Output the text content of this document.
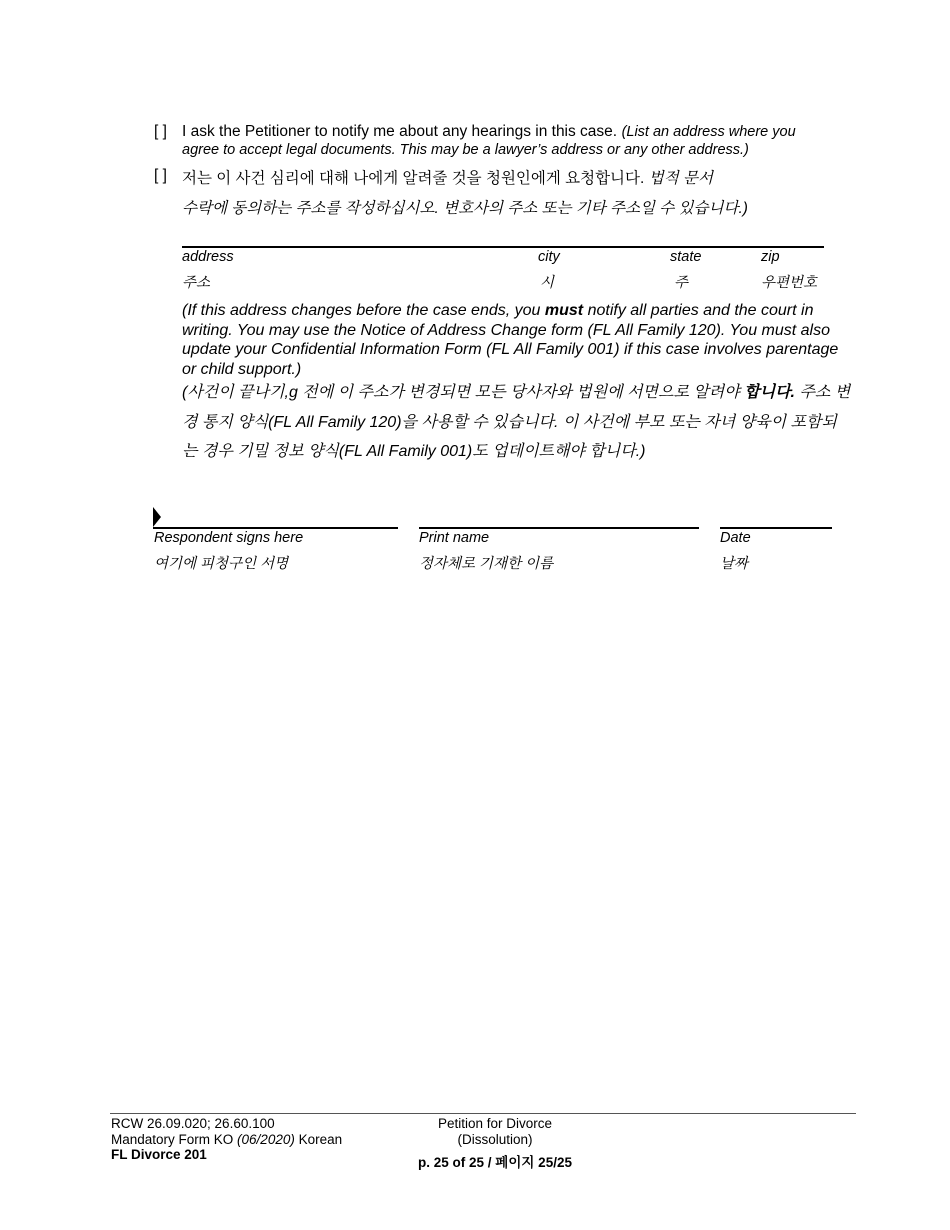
[ ] I ask the Petitioner to notify me about any hearings in this case. (List an address where you
agree to accept legal documents. This may be a lawyer’s address or any other address.)
[ ] 저는 이 사건 심리에 대해 나에게 알려줄 것을 청원인에게 요청합니다. 법적 문서
수락에 동의하는 주소를 작성하십시오. 변호사의 주소 또는 기타 주소일 수 있습니다.)
address
주소
city
시
state
주
zip
우편번호
(If this address changes before the case ends, you must notify all parties and the court in writing. You may use the Notice of Address Change form (FL All Family 120). You must also update your Confidential Information Form (FL All Family 001) if this case involves parentage or child support.)
(사건이 끝나기,g 전에 이 주소가 변경되면 모든 당사자와 법원에 서면으로 알려야 합니다. 주소 변경 통지 양식(FL All Family 120)을 사용할 수 있습니다. 이 사건에 부모 또는 자녀 양육이 포함되는 경우 기밀 정보 양식(FL All Family 001)도 업데이트해야 합니다.)
Respondent signs here
여기에 피청구인 서명
Print name
정자체로 기재한 이름
Date
날짜
RCW 26.09.020; 26.60.100
Mandatory Form KO (06/2020) Korean
FL Divorce 201
Petition for Divorce
(Dissolution)
p. 25 of 25 / 페이지 25/25
